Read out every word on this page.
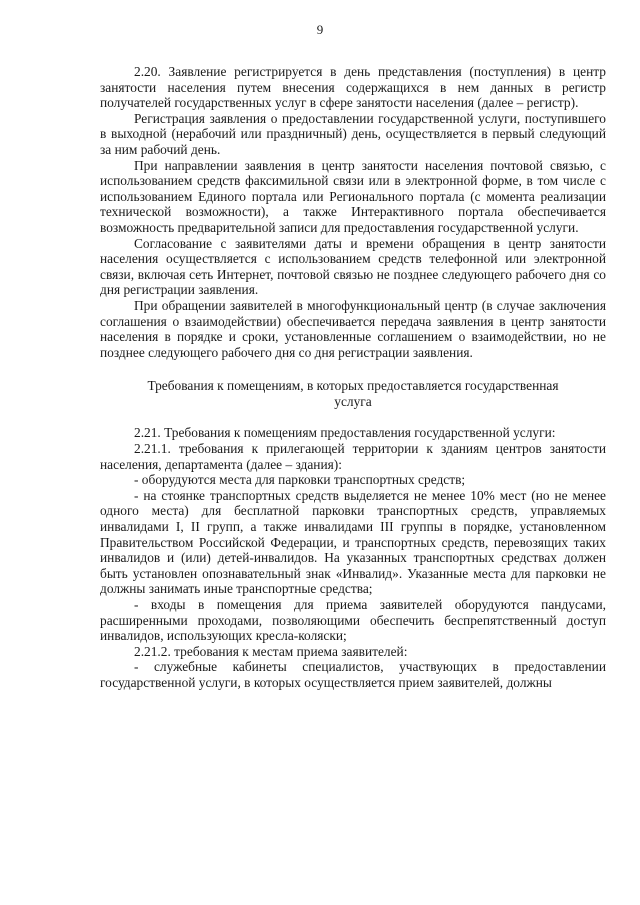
9

2.20. Заявление регистрируется в день представления (поступления) в центр занятости населения путем внесения содержащихся в нем данных в регистр получателей государственных услуг в сфере занятости населения (далее – регистр).

Регистрация заявления о предоставлении государственной услуги, поступившего в выходной (нерабочий или праздничный) день, осуществляется в первый следующий за ним рабочий день.

При направлении заявления в центр занятости населения почтовой связью, с использованием средств факсимильной связи или в электронной форме, в том числе с использованием Единого портала или Регионального портала (с момента реализации технической возможности), а также Интерактивного портала обеспечивается возможность предварительной записи для предоставления государственной услуги.

Согласование с заявителями даты и времени обращения в центр занятости населения осуществляется с использованием средств телефонной или электронной связи, включая сеть Интернет, почтовой связью не позднее следующего рабочего дня со дня регистрации заявления.

При обращении заявителей в многофункциональный центр (в случае заключения соглашения о взаимодействии) обеспечивается передача заявления в центр занятости населения в порядке и сроки, установленные соглашением о взаимодействии, но не позднее следующего рабочего дня со дня регистрации заявления.

Требования к помещениям, в которых предоставляется государственная услуга

2.21. Требования к помещениям предоставления государственной услуги:

2.21.1. требования к прилегающей территории к зданиям центров занятости населения, департамента (далее – здания):

- оборудуются места для парковки транспортных средств;

- на стоянке транспортных средств выделяется не менее 10% мест (но не менее одного места) для бесплатной парковки транспортных средств, управляемых инвалидами I, II групп, а также инвалидами III группы в порядке, установленном Правительством Российской Федерации, и транспортных средств, перевозящих таких инвалидов и (или) детей-инвалидов. На указанных транспортных средствах должен быть установлен опознавательный знак «Инвалид». Указанные места для парковки не должны занимать иные транспортные средства;

- входы в помещения для приема заявителей оборудуются пандусами, расширенными проходами, позволяющими обеспечить беспрепятственный доступ инвалидов, использующих кресла-коляски;

2.21.2. требования к местам приема заявителей:

- служебные кабинеты специалистов, участвующих в предоставлении государственной услуги, в которых осуществляется прием заявителей, должны
